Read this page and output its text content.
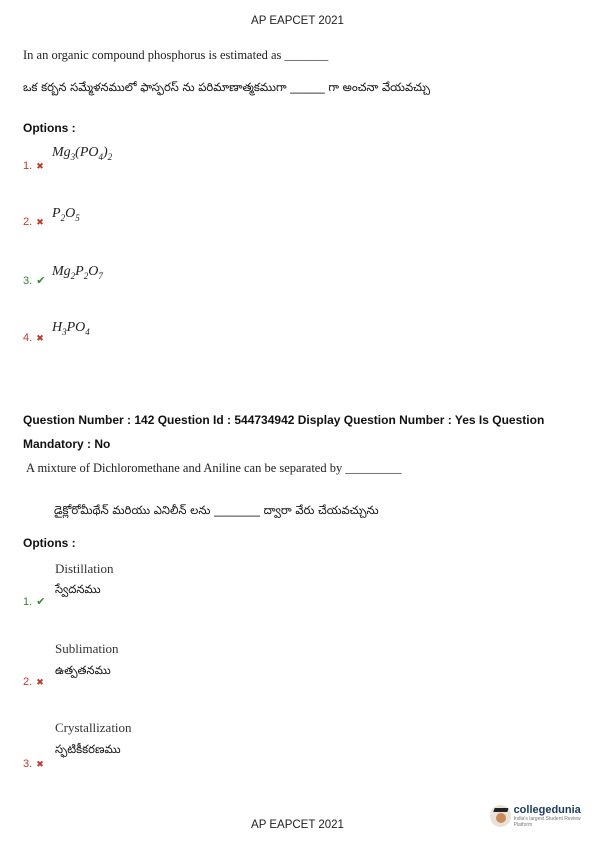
AP EAPCET 2021
In an organic compound phosphorus is estimated as _______
ఒక కర్బన సమ్మేళనములో ఫాస్ఫరస్ ను పరిమాణాత్మకముగా ______ గా అంచనా వేయవచ్చు
Options :
1. ✖
$Mg_3(PO_4)_2$
2. ✖
$P_2O_5$
3. ✔
$Mg_2P_2O_7$
4. ✖
$H_3PO_4$
Question Number : 142 Question Id : 544734942 Display Question Number : Yes Is Question
Mandatory : No
A mixture of Dichloromethane and Aniline can be separated by _________
డైక్లోరోమీథేన్ మరియు ఎనిలీన్ లను ________ ద్వారా వేరు చేయవచ్చును
Options :
Distillation
స్వేదనము
1. ✔
Sublimation
ఉత్పతనము
2. ✖
Crystallization
స్ఫటికీకరణము
3. ✖
AP EAPCET 2021
collegedunia
India's largest Student Review Platform
